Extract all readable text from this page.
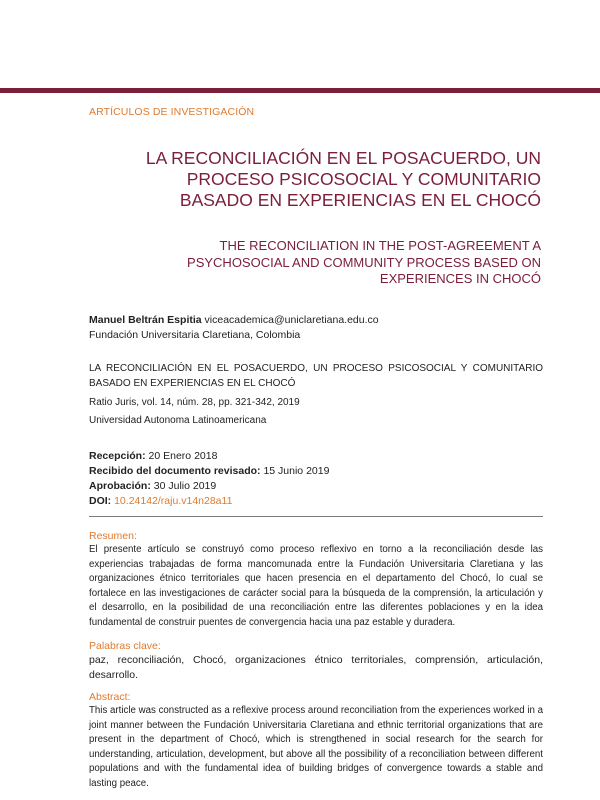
ARTÍCULOS DE INVESTIGACIÓN
LA RECONCILIACIÓN EN EL POSACUERDO, UN PROCESO PSICOSOCIAL Y COMUNITARIO BASADO EN EXPERIENCIAS EN EL CHOCÓ
THE RECONCILIATION IN THE POST-AGREEMENT A PSYCHOSOCIAL AND COMMUNITY PROCESS BASED ON EXPERIENCES IN CHOCÓ
Manuel Beltrán Espitia viceacademica@uniclaretiana.edu.co
Fundación Universitaria Claretiana, Colombia
LA RECONCILIACIÓN EN EL POSACUERDO, UN PROCESO PSICOSOCIAL Y COMUNITARIO BASADO EN EXPERIENCIAS EN EL CHOCÓ
Ratio Juris, vol. 14, núm. 28, pp. 321-342, 2019
Universidad Autonoma Latinoamericana
Recepción: 20 Enero 2018
Recibido del documento revisado: 15 Junio 2019
Aprobación: 30 Julio 2019
DOI: 10.24142/raju.v14n28a11
Resumen:

El presente artículo se construyó como proceso reflexivo en torno a la reconciliación desde las experiencias trabajadas de forma mancomunada entre la Fundación Universitaria Claretiana y las organizaciones étnico territoriales que hacen presencia en el departamento del Chocó, lo cual se fortalece en las investigaciones de carácter social para la búsqueda de la comprensión, la articulación y el desarrollo, en la posibilidad de una reconciliación entre las diferentes poblaciones y en la idea fundamental de construir puentes de convergencia hacia una paz estable y duradera.

Palabras clave:

paz, reconciliación, Chocó, organizaciones étnico territoriales, comprensión, articulación, desarrollo.

Abstract:

This article was constructed as a reflexive process around reconciliation from the experiences worked in a joint manner between the Fundación Universitaria Claretiana and ethnic territorial organizations that are present in the department of Chocó, which is strengthened in social research for the search for understanding, articulation, development, but above all the possibility of a reconciliation between different populations and with the fundamental idea of building bridges of convergence towards a stable and lasting peace.
